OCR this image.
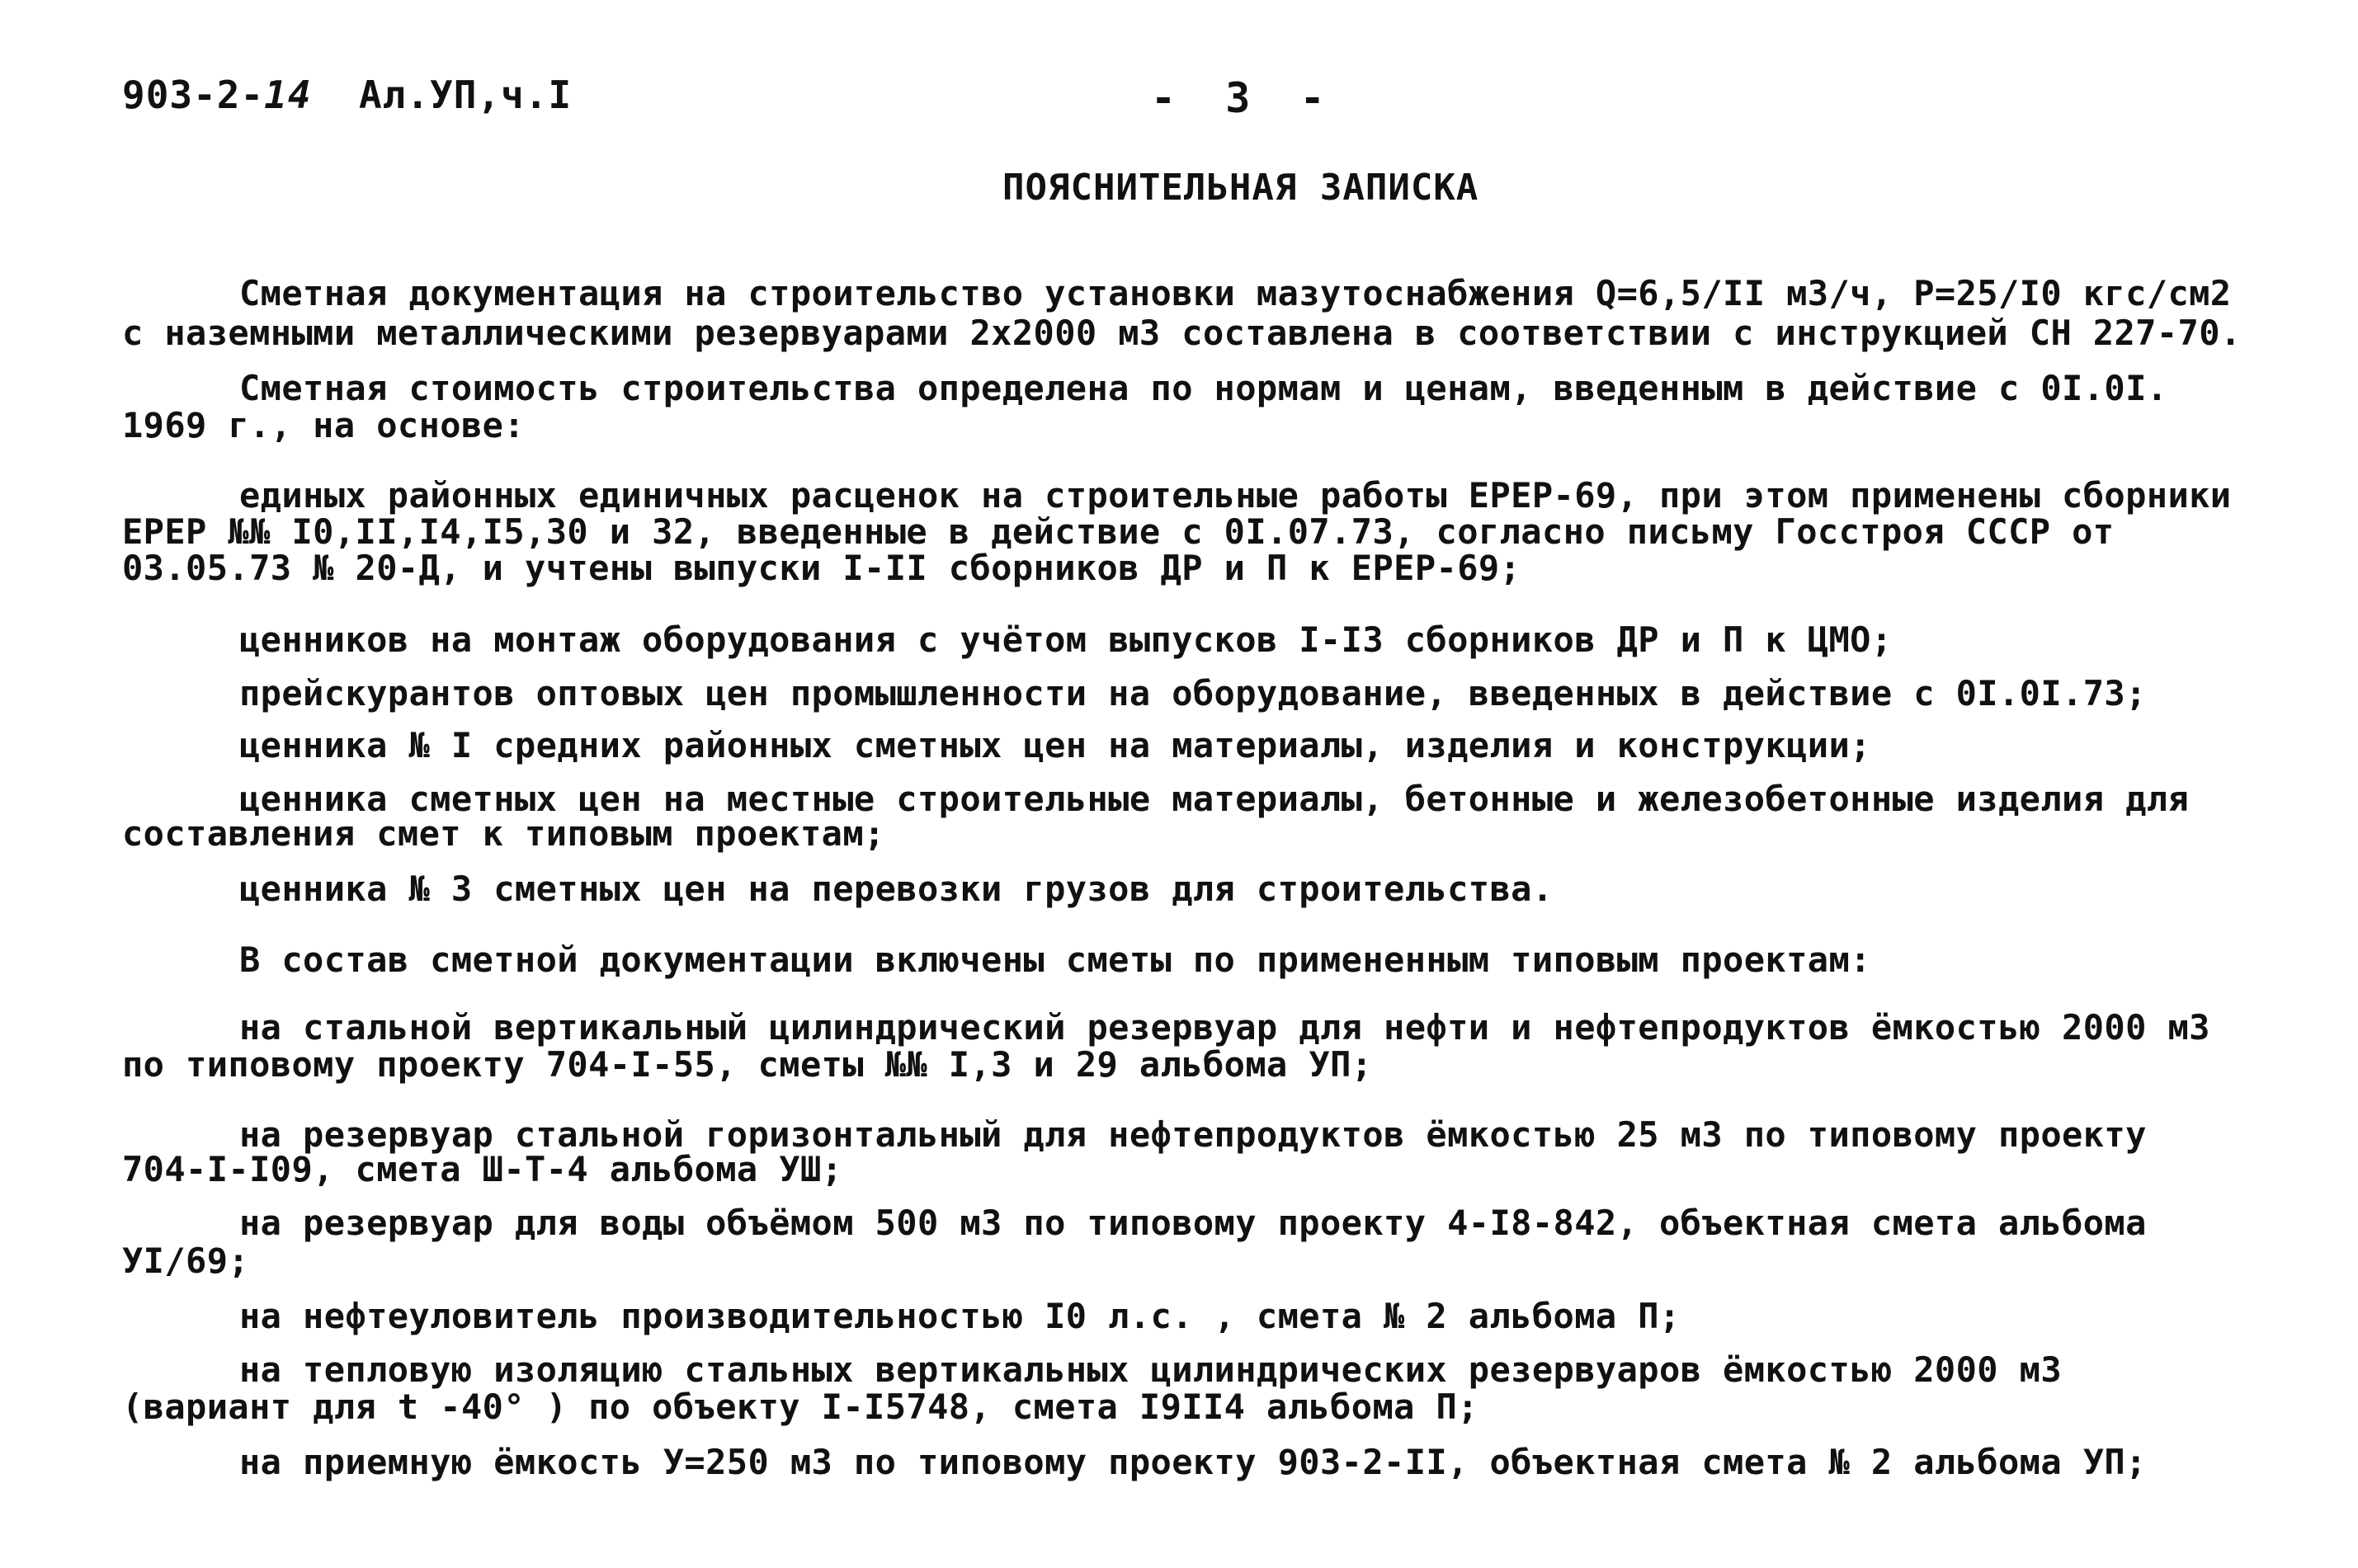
903-2-14 Ал.УП,ч.I	-  3  -
ПОЯСНИТЕЛЬНАЯ ЗАПИСКА
Сметная документация на строительство установки мазутоснабжения Q=6,5/II м3/ч, P=25/I0 кгс/см2
с наземными металлическими резервуарами 2х2000 м3 составлена в соответствии с инструкцией СН 227-70.
Сметная стоимость строительства определена по нормам и ценам, введенным в действие с 0I.0I.
1969 г., на основе:
единых районных единичных расценок на строительные работы ЕРЕР-69, при этом применены сборники
ЕРЕР №№ I0,II,I4,I5,30 и 32, введенные в действие с 0I.07.73, согласно письму Госстроя СССР от
03.05.73 № 20-Д, и учтены выпуски I-II сборников ДР и П к ЕРЕР-69;
ценников на монтаж оборудования с учётом выпусков I-I3 сборников ДР и П к ЦМО;
прейскурантов оптовых цен промышленности на оборудование, введенных в действие с 0I.0I.73;
ценника № I средних районных сметных цен на материалы, изделия и конструкции;
ценника сметных цен на местные строительные материалы, бетонные и железобетонные изделия для
составления смет к типовым проектам;
ценника № 3 сметных цен на перевозки грузов для строительства.
В состав сметной документации включены сметы по примененным типовым проектам:
на стальной вертикальный цилиндрический резервуар для нефти и нефтепродуктов ёмкостью 2000 м3
по типовому проекту 704-I-55, сметы №№ I,3 и 29 альбома УП;
на резервуар стальной горизонтальный для нефтепродуктов ёмкостью 25 м3 по типовому проекту
704-I-I09, смета Ш-Т-4 альбома УШ;
на резервуар для воды объёмом 500 м3 по типовому проекту 4-I8-842, объектная смета альбома
УI/69;
на нефтеуловитель производительностью I0 л.с. , смета № 2 альбома П;
на тепловую изоляцию стальных вертикальных цилиндрических резервуаров ёмкостью 2000 м3
(вариант для t -40° ) по объекту I-I5748, смета I9II4 альбома П;
на приемную ёмкость У=250 м3 по типовому проекту 903-2-II, объектная смета № 2 альбома УП;
